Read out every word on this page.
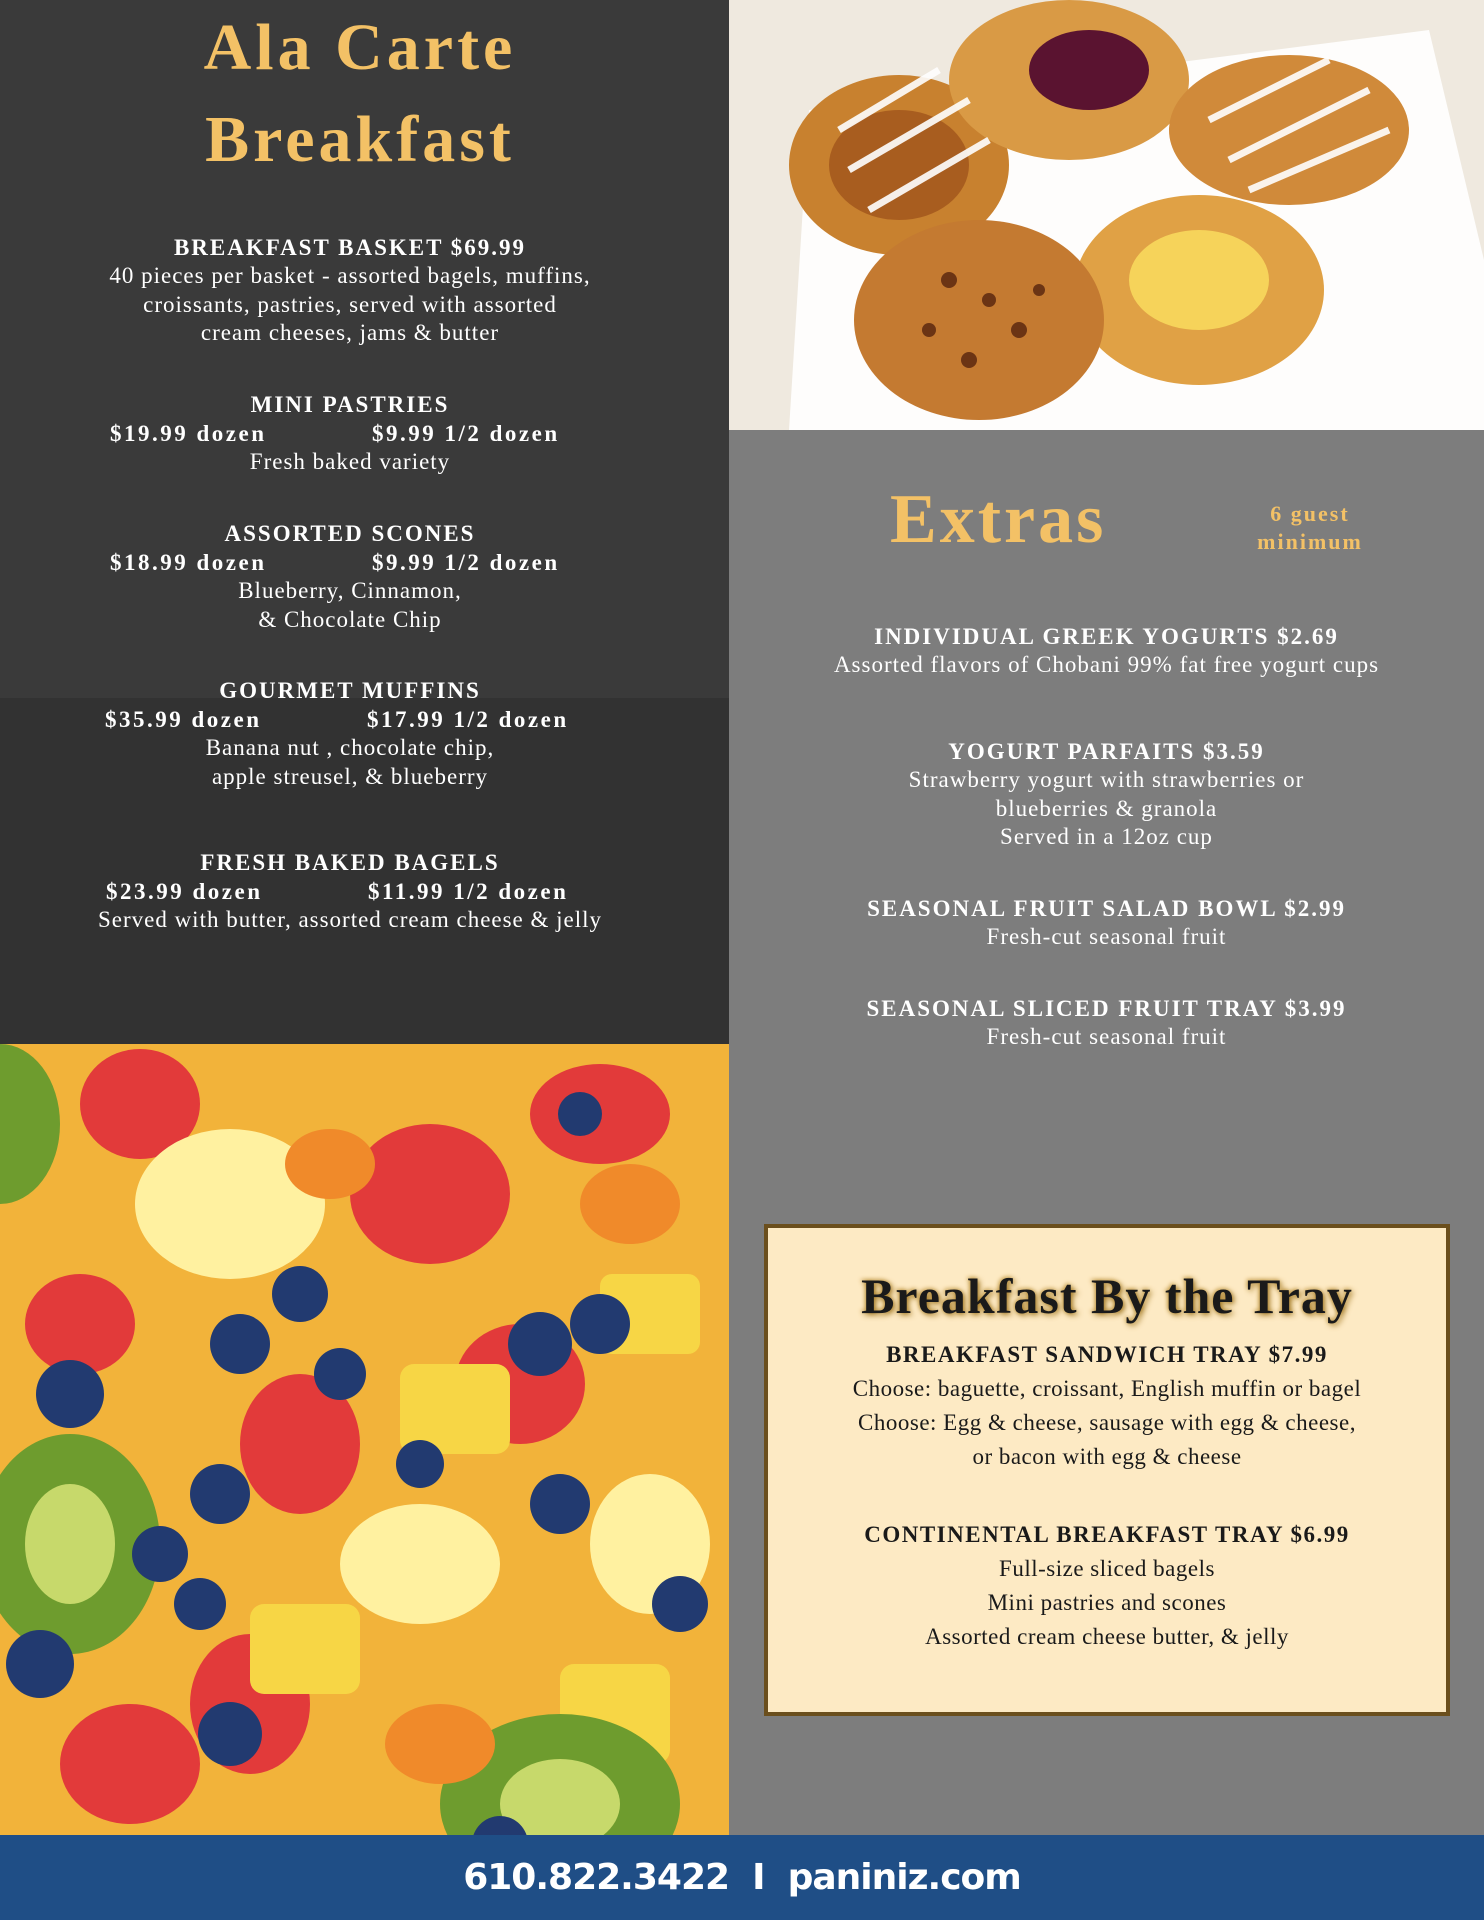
Ala Carte
Breakfast
BREAKFAST BASKET $69.99
40 pieces per basket - assorted bagels, muffins,
croissants, pastries, served with assorted
cream cheeses, jams & butter
MINI PASTRIES
$19.99 dozen	$9.99 1/2 dozen
Fresh baked variety
ASSORTED SCONES
$18.99 dozen	$9.99 1/2 dozen
Blueberry, Cinnamon,
& Chocolate Chip
GOURMET MUFFINS
$35.99 dozen	$17.99 1/2 dozen
Banana nut , chocolate chip,
apple streusel, & blueberry
FRESH BAKED BAGELS
$23.99 dozen	$11.99 1/2 dozen
Served with butter, assorted cream cheese & jelly
Extras	6 guest
minimum
INDIVIDUAL GREEK YOGURTS $2.69
Assorted flavors of Chobani 99% fat free yogurt cups
YOGURT PARFAITS $3.59
Strawberry yogurt with strawberries or
blueberries & granola
Served in a 12oz cup
SEASONAL FRUIT SALAD BOWL $2.99
Fresh-cut seasonal fruit
SEASONAL SLICED FRUIT TRAY $3.99
Fresh-cut seasonal fruit
Breakfast By the Tray
BREAKFAST SANDWICH TRAY $7.99
Choose: baguette, croissant, English muffin or bagel
Choose: Egg & cheese, sausage with egg & cheese,
or bacon with egg & cheese
CONTINENTAL BREAKFAST TRAY $6.99
Full-size sliced bagels
Mini pastries and scones
Assorted cream cheese butter, & jelly
610.822.3422  I  paniniz.com
